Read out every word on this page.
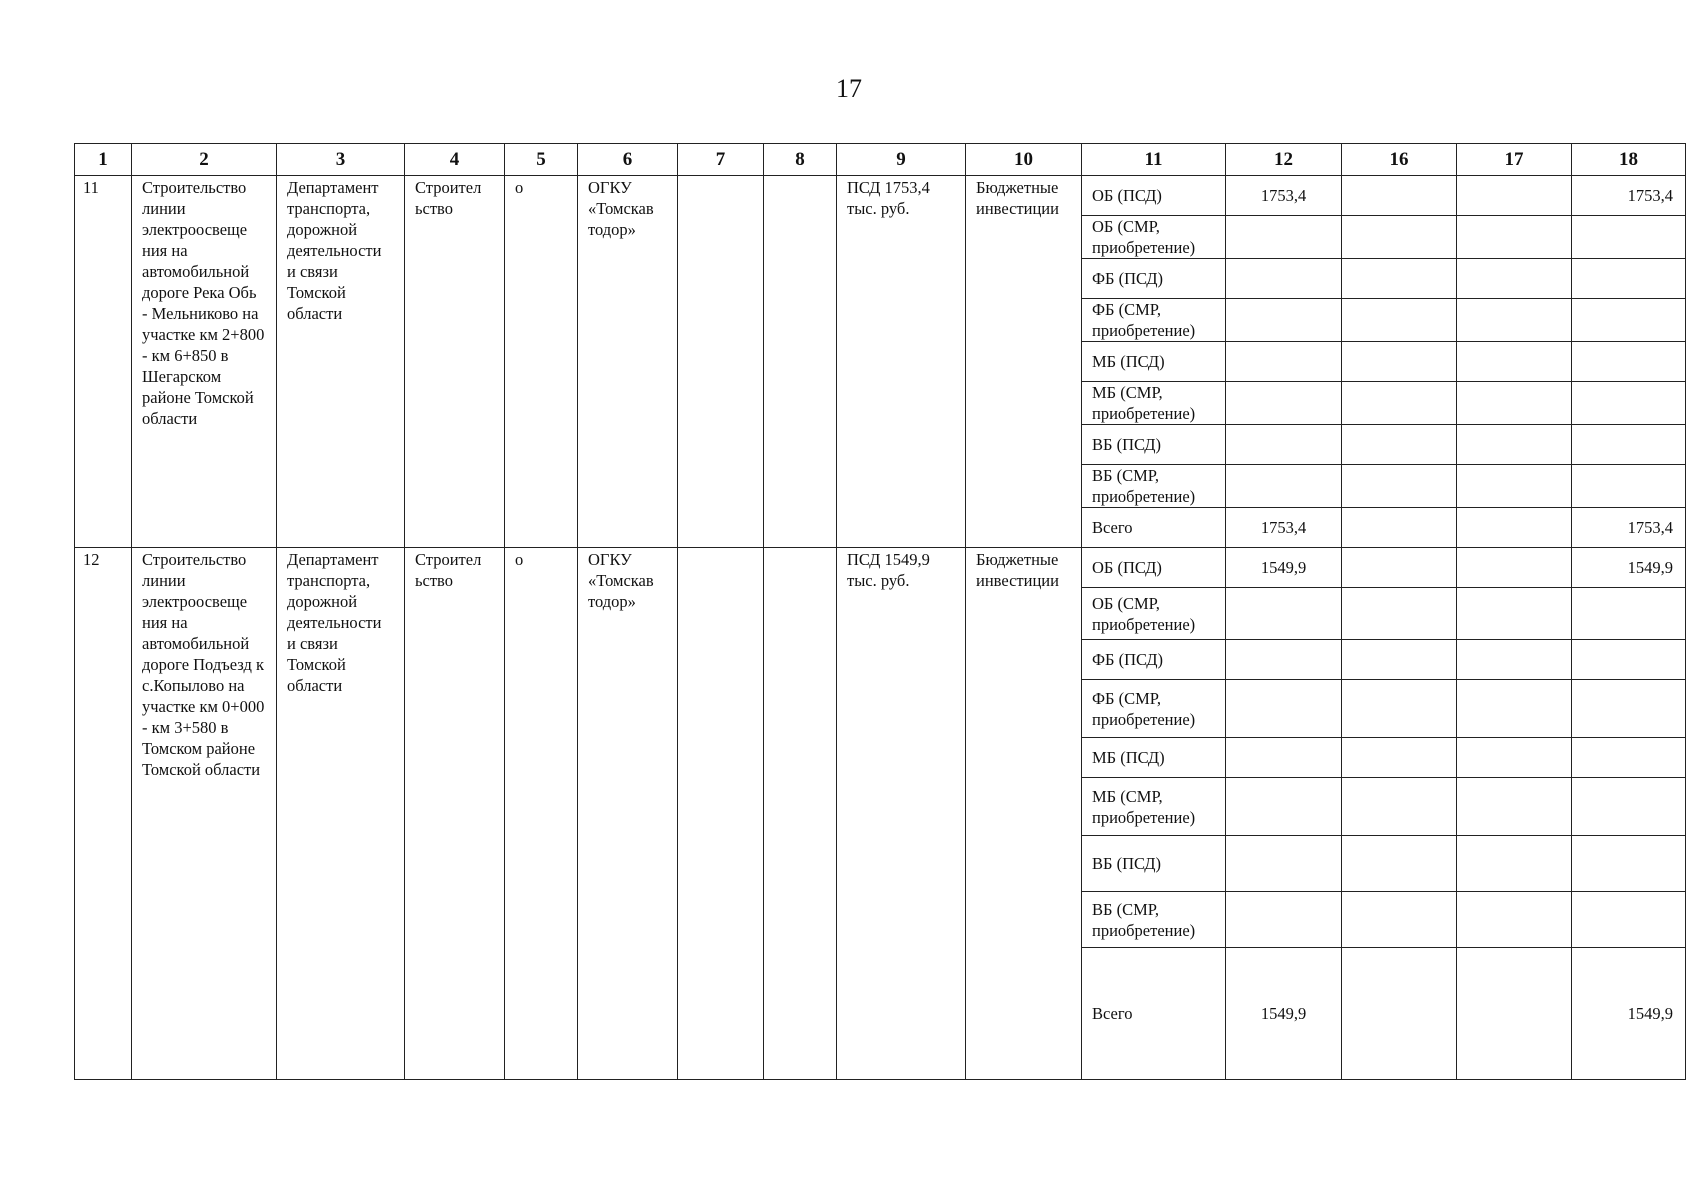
17
1	2	3	4	5	6	7	8	9	10	11	12	16	17	18

11	Строительство линии электроосвеще ния на автомобильной дороге Река Обь - Мельниково на участке км 2+800 - км 6+850 в Шегарском районе Томской области	Департамент транспорта, дорожной деятельности и связи Томской области	Строител ьство	о	ОГКУ «Томскав тодор»			ПСД 1753,4 тыс. руб.	Бюджетные инвестиции	ОБ (ПСД)	1753,4			1753,4
										ОБ (СМР, приобретение)				
										ФБ (ПСД)				
										ФБ (СМР, приобретение)				
										МБ (ПСД)				
										МБ (СМР, приобретение)				
										ВБ (ПСД)				
										ВБ (СМР, приобретение)				
										Всего	1753,4			1753,4

12	Строительство линии электроосвеще ния на автомобильной дороге Подъезд к с.Копылово на участке км 0+000 - км 3+580 в Томском районе Томской области	Департамент транспорта, дорожной деятельности и связи Томской области	Строител ьство	о	ОГКУ «Томскав тодор»			ПСД 1549,9 тыс. руб.	Бюджетные инвестиции	ОБ (ПСД)	1549,9			1549,9
										ОБ (СМР, приобретение)				
										ФБ (ПСД)				
										ФБ (СМР, приобретение)				
										МБ (ПСД)				
										МБ (СМР, приобретение)				
										ВБ (ПСД)				
										ВБ (СМР, приобретение)				
										Всего	1549,9			1549,9
